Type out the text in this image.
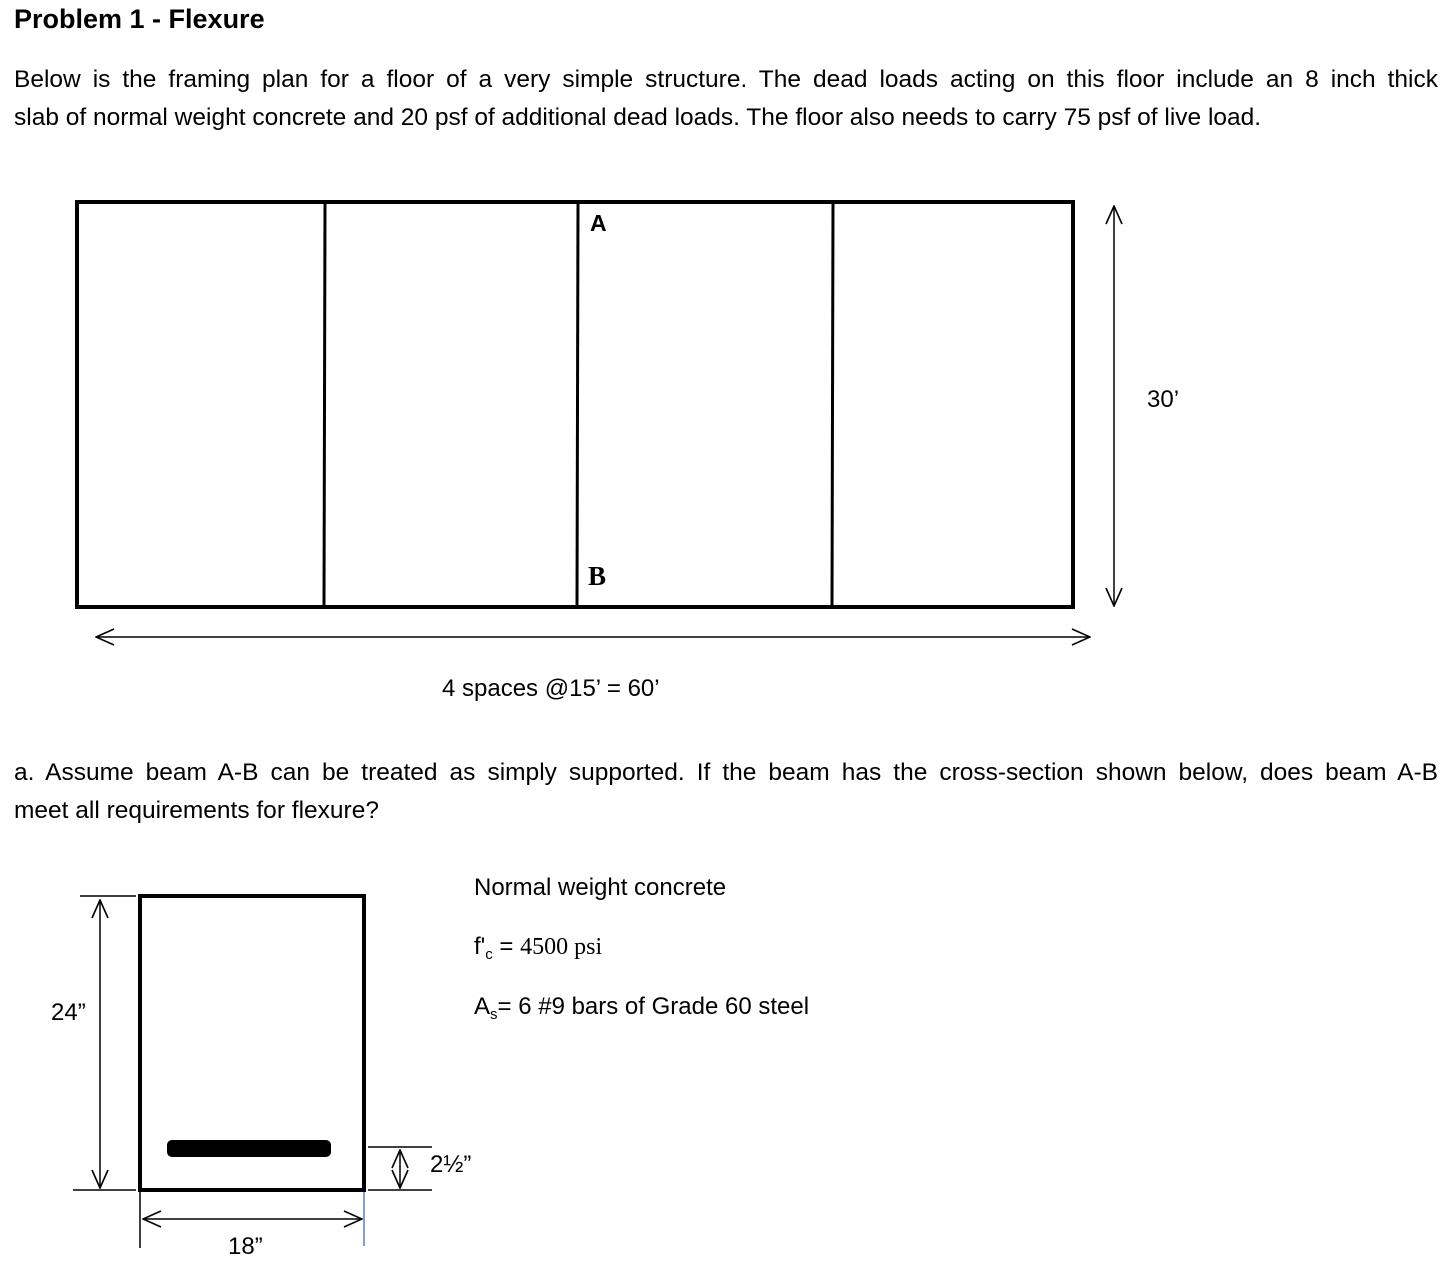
Problem 1 - Flexure
Below is the framing plan for a floor of a very simple structure. The dead loads acting on this floor include an 8 inch thick
slab of normal weight concrete and 20 psf of additional dead loads. The floor also needs to carry 75 psf of live load.
A
B
30’
4 spaces @15’ = 60’
a. Assume beam A-B can be treated as simply supported. If the beam has the cross-section shown below, does beam A-B
meet all requirements for flexure?
24”
18”
2½”
Normal weight concrete
$f'_c = 4500$ psi
$A_s= 6$ #9 bars of Grade 60 steel
